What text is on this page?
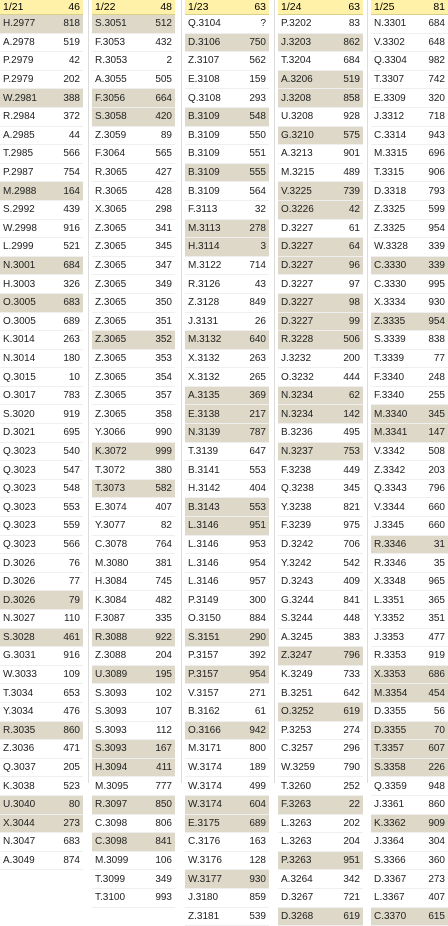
1/21	46
H.2977	818
A.2978	519
P.2979	42
P.2979	202
W.2981	388
R.2984	372
A.2985	44
T.2985	566
P.2987	754
M.2988	164
S.2992	439
W.2998	916
L.2999	521
N.3001	684
H.3003	326
O.3005	683
O.3005	689
K.3014	263
N.3014	180
Q.3015	10
O.3017	783
S.3020	919
D.3021	695
Q.3023	540
Q.3023	547
Q.3023	548
Q.3023	553
Q.3023	559
Q.3023	566
D.3026	76
D.3026	77
D.3026	79
N.3027	110
S.3028	461
G.3031	916
W.3033	109
T.3034	653
Y.3034	476
R.3035	860
Z.3036	471
Q.3037	205
K.3038	523
U.3040	80
X.3044	273
N.3047	683
A.3049	874
1/22	48
S.3051	512
F.3053	432
R.3053	2
A.3055	505
F.3056	664
S.3058	420
Z.3059	89
F.3064	565
R.3065	427
R.3065	428
X.3065	298
Z.3065	341
Z.3065	345
Z.3065	347
Z.3065	349
Z.3065	350
Z.3065	351
Z.3065	352
Z.3065	353
Z.3065	354
Z.3065	357
Z.3065	358
Y.3066	990
K.3072	999
T.3072	380
T.3073	582
E.3074	407
Y.3077	82
C.3078	764
M.3080	381
H.3084	745
K.3084	482
F.3087	335
R.3088	922
Z.3088	204
U.3089	195
S.3093	102
S.3093	107
S.3093	112
S.3093	167
H.3094	411
M.3095	777
R.3097	850
C.3098	806
C.3098	841
M.3099	106
T.3099	349
T.3100	993
1/23	63
Q.3104	?
D.3106	750
Z.3107	562
E.3108	159
Q.3108	293
B.3109	548
B.3109	550
B.3109	551
B.3109	555
B.3109	564
F.3113	32
M.3113	278
H.3114	3
M.3122	714
R.3126	43
Z.3128	849
J.3131	26
M.3132	640
X.3132	263
X.3132	265
A.3135	369
E.3138	217
N.3139	787
T.3139	647
B.3141	553
H.3142	404
B.3143	553
L.3146	951
L.3146	953
L.3146	954
L.3146	957
P.3149	300
O.3150	884
S.3151	290
P.3157	392
P.3157	954
V.3157	271
B.3162	61
O.3166	942
M.3171	800
W.3174	189
W.3174	499
W.3174	604
E.3175	689
C.3176	163
W.3176	128
W.3177	930
J.3180	859
Z.3181	539
1/24	63
P.3202	83
J.3203	862
T.3204	684
A.3206	519
J.3208	858
U.3208	928
G.3210	575
A.3213	901
M.3215	489
V.3225	739
O.3226	42
D.3227	61
D.3227	64
D.3227	96
D.3227	97
D.3227	98
D.3227	99
R.3228	506
J.3232	200
O.3232	444
N.3234	62
N.3234	142
B.3236	495
N.3237	753
F.3238	449
Q.3238	345
Y.3238	821
F.3239	975
D.3242	706
Y.3242	542
D.3243	409
G.3244	841
S.3244	448
A.3245	383
Z.3247	796
K.3249	733
B.3251	642
O.3252	619
P.3253	274
C.3257	296
W.3259	790
T.3260	252
F.3263	22
L.3263	202
L.3263	204
P.3263	951
A.3264	342
D.3267	721
D.3268	619
1/25	81
N.3301 684
V.3302 648
Q.3304 982
T.3307 742
E.3309 320
J.3312 718
C.3314 943
M.3315 696
T.3315 906
D.3318 793
Z.3325 599
Z.3325 954
W.3328 339
C.3330 339
C.3330 995
X.3334 930
Z.3335 954
S.3339 838
T.3339	77
F.3340 248
F.3340 255
M.3340 345
M.3341 147
V.3342 508
Z.3342 203
Q.3343 796
V.3344 660
J.3345 660
R.3346	31
R.3346	35
X.3348 965
L.3351 365
Y.3352 351
J.3353 477
R.3353 919
X.3353 686
M.3354 454
D.3355	56
D.3355	70
T.3357 607
S.3358 226
Q.3359 948
J.3361 860
K.3362 909
J.3364 304
S.3366 360
D.3367 273
L.3367 407
C.3370 615
